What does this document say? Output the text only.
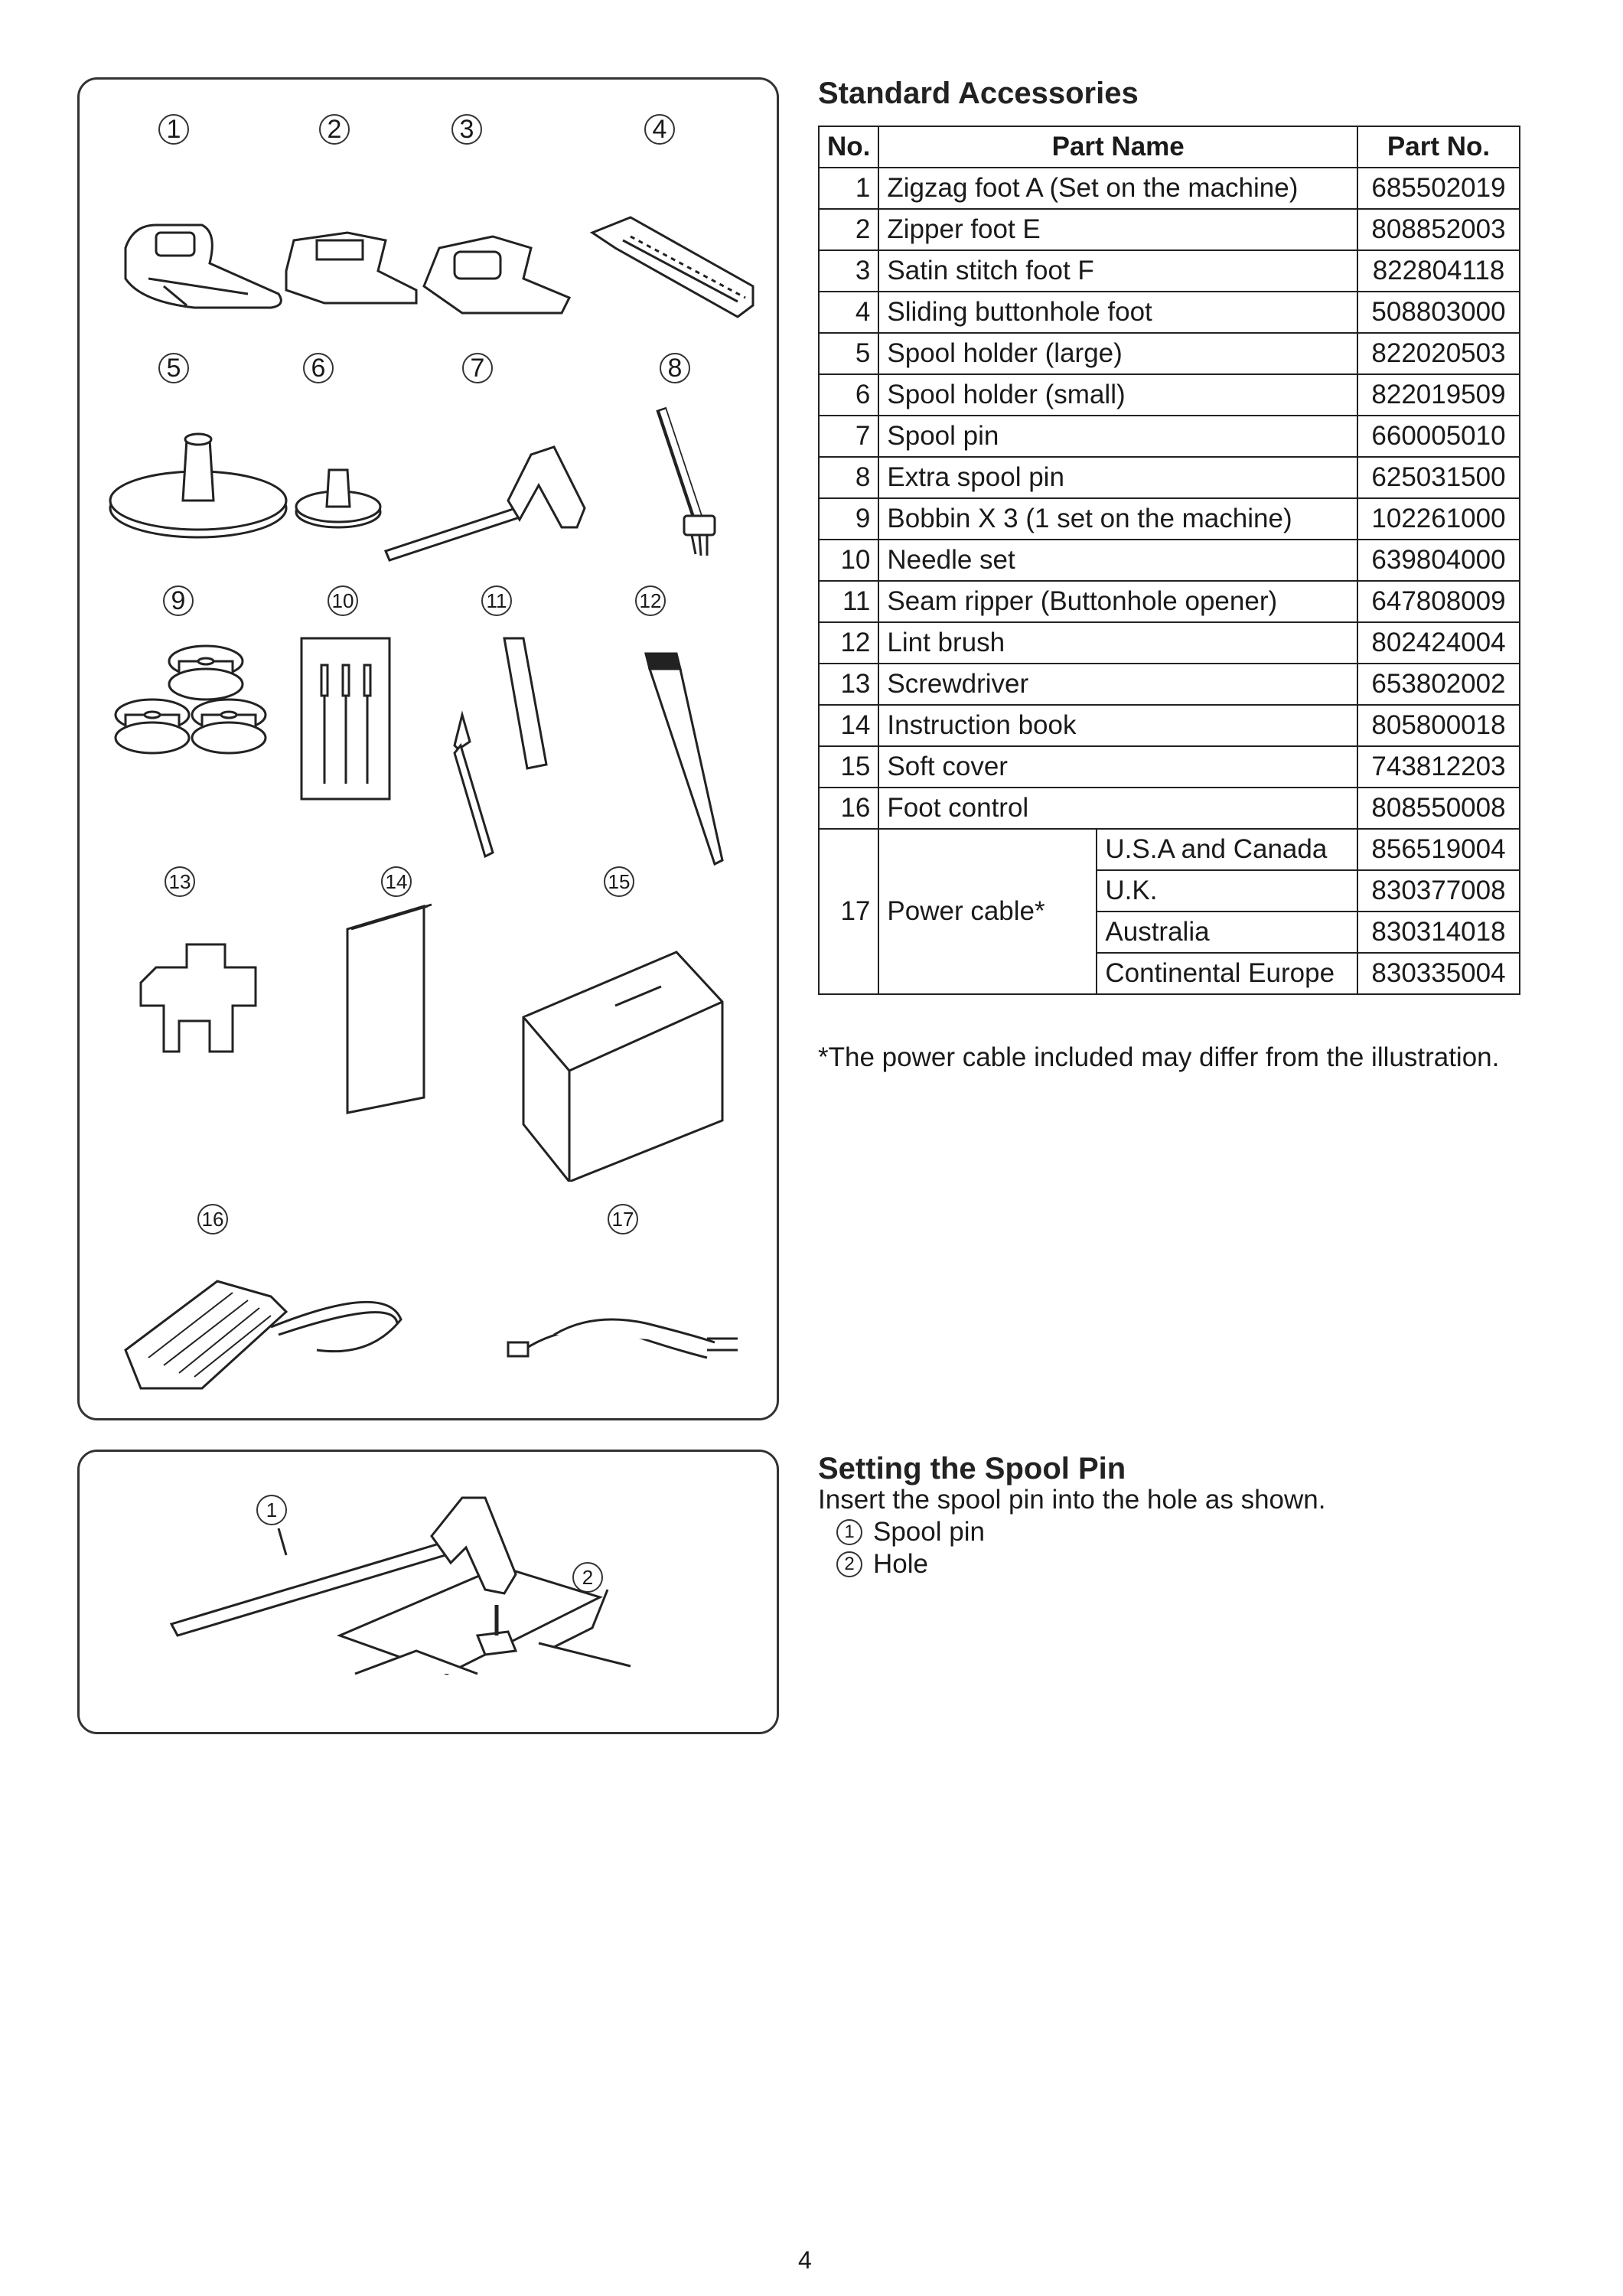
1	2	3	4
5	6	7	8
9	10	11	12
13	14	15
16	17
Standard Accessories
No.	Part Name		Part No.
1	Zigzag foot A (Set on the machine)		685502019
2	Zipper foot E		808852003
3	Satin stitch foot F		822804118
4	Sliding buttonhole foot		508803000
5	Spool holder (large)		822020503
6	Spool holder (small)		822019509
7	Spool pin		660005010
8	Extra spool pin		625031500
9	Bobbin X 3 (1 set on the machine)		102261000
10	Needle set		639804000
11	Seam ripper (Buttonhole opener)		647808009
12	Lint brush		802424004
13	Screwdriver		653802002
14	Instruction book		805800018
15	Soft cover		743812203
16	Foot control		808550008
17	Power cable*	U.S.A and Canada	856519004
		U.K.	830377008
		Australia	830314018
		Continental Europe	830335004
*The power cable included may differ from the illustration.
1
2
Setting the Spool Pin
Insert the spool pin into the hole as shown.
1 Spool pin
2 Hole
4
